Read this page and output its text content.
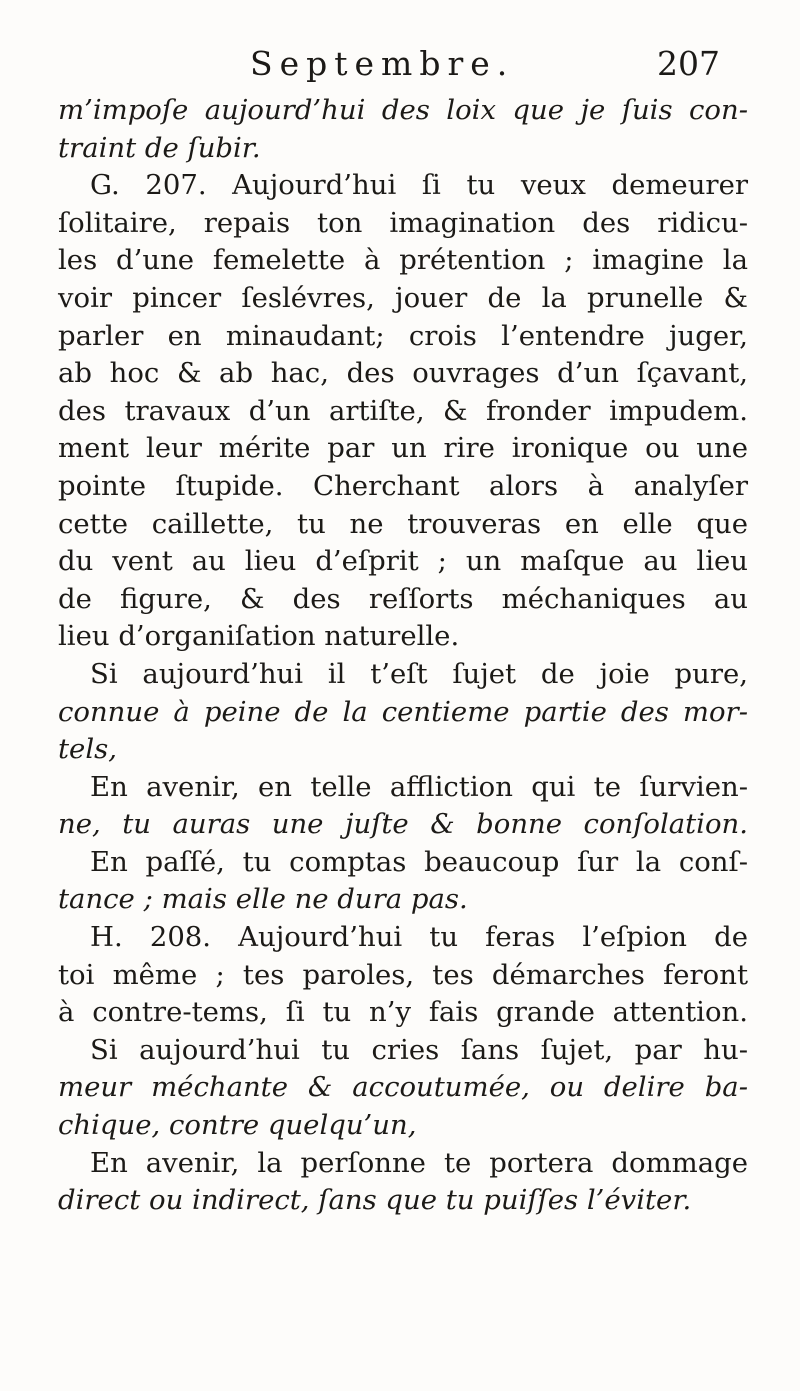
Septembre.	207
m’impoſe aujourd’hui des loix que je ſuis con-
traint de ſubir.
G. 207. Aujourd’hui ſi tu veux demeurer
ſolitaire, repais ton imagination des ridicu-
les d’une femelette à prétention ; imagine la
voir pincer ſeslévres, jouer de la prunelle &
parler en minaudant; crois l’entendre juger,
ab hoc & ab hac, des ouvrages d’un ſçavant,
des travaux d’un artiſte, & fronder impudem.
ment leur mérite par un rire ironique ou une
pointe ſtupide. Cherchant alors à analyſer
cette caillette, tu ne trouveras en elle que
du vent au lieu d’eſprit ; un maſque au lieu
de figure, & des reſſorts méchaniques au
lieu d’organiſation naturelle.
Si aujourd’hui il t’eſt ſujet de joie pure,
connue à peine de la centieme partie des mor-
tels,
En avenir, en telle affliction qui te ſurvien-
ne, tu auras une juſte & bonne conſolation.
En paſſé, tu comptas beaucoup ſur la conſ-
tance ; mais elle ne dura pas.
H. 208. Aujourd’hui tu feras l’eſpion de
toi même ; tes paroles, tes démarches feront
à contre-tems, ſi tu n’y fais grande attention.
Si aujourd’hui tu cries ſans ſujet, par hu-
meur méchante & accoutumée, ou delire ba-
chique, contre quelqu’un,
En avenir, la perſonne te portera dommage
direct ou indirect, ſans que tu puiſſes l’éviter.
